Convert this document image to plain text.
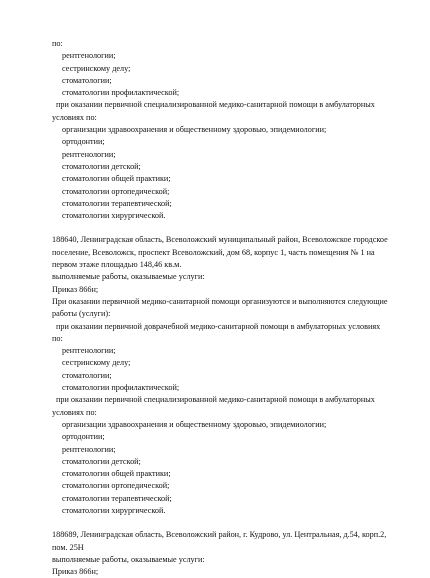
по:
рентгенологии;
сестринскому делу;
стоматологии;
стоматологии профилактической;
при оказании первичной специализированной медико-санитарной помощи в амбулаторных
условиях по:
организации здравоохранения и общественному здоровью, эпидемиологии;
ортодонтии;
рентгенологии;
стоматологии детской;
стоматологии общей практики;
стоматологии ортопедической;
стоматологии терапевтической;
стоматологии хирургической.
188640, Ленинградская область, Всеволожский муниципальный район, Всеволожское городское
поселение, Всеволожск, проспект Всеволожский, дом 68, корпус 1, часть помещения № 1 на
первом этаже площадью 148,46 кв.м.
выполняемые работы, оказываемые услуги:
Приказ 866н;
При оказании первичной медико-санитарной помощи организуются и выполняются следующие
работы (услуги):
при оказании первичной доврачебной медико-санитарной помощи в амбулаторных условиях
по:
рентгенологии;
сестринскому делу;
стоматологии;
стоматологии профилактической;
при оказании первичной специализированной медико-санитарной помощи в амбулаторных
условиях по:
организации здравоохранения и общественному здоровью, эпидемиологии;
ортодонтии;
рентгенологии;
стоматологии детской;
стоматологии общей практики;
стоматологии ортопедической;
стоматологии терапевтической;
стоматологии хирургической.
188689, Ленинградская область, Всеволожский район, г. Кудрово, ул. Центральная, д.54, корп.2,
пом. 25Н
выполняемые работы, оказываемые услуги:
Приказ 866н;
